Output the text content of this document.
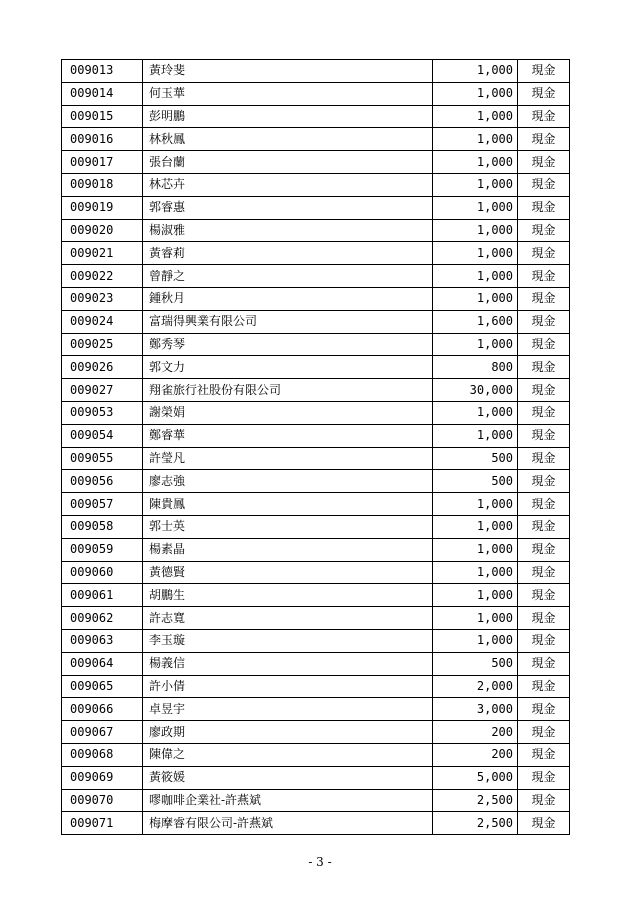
009013	黃玲斐	1,000	現金
009014	何玉華	1,000	現金
009015	彭明鵬	1,000	現金
009016	林秋鳳	1,000	現金
009017	張台蘭	1,000	現金
009018	林芯卉	1,000	現金
009019	郭睿惠	1,000	現金
009020	楊淑雅	1,000	現金
009021	黃睿莉	1,000	現金
009022	曾靜之	1,000	現金
009023	鍾秋月	1,000	現金
009024	富瑞得興業有限公司	1,600	現金
009025	鄭秀琴	1,000	現金
009026	郭文力	800	現金
009027	翔雀旅行社股份有限公司	30,000	現金
009053	謝榮娟	1,000	現金
009054	鄭睿華	1,000	現金
009055	許瑩凡	500	現金
009056	廖志強	500	現金
009057	陳貴鳳	1,000	現金
009058	郭士英	1,000	現金
009059	楊素晶	1,000	現金
009060	黃德賢	1,000	現金
009061	胡鵬生	1,000	現金
009062	許志寬	1,000	現金
009063	李玉璇	1,000	現金
009064	楊義信	500	現金
009065	許小倩	2,000	現金
009066	卓昱宇	3,000	現金
009067	廖政期	200	現金
009068	陳偉之	200	現金
009069	黃筱媛	5,000	現金
009070	嘐咖啡企業社-許燕斌	2,500	現金
009071	梅摩睿有限公司-許燕斌	2,500	現金
- 3 -
